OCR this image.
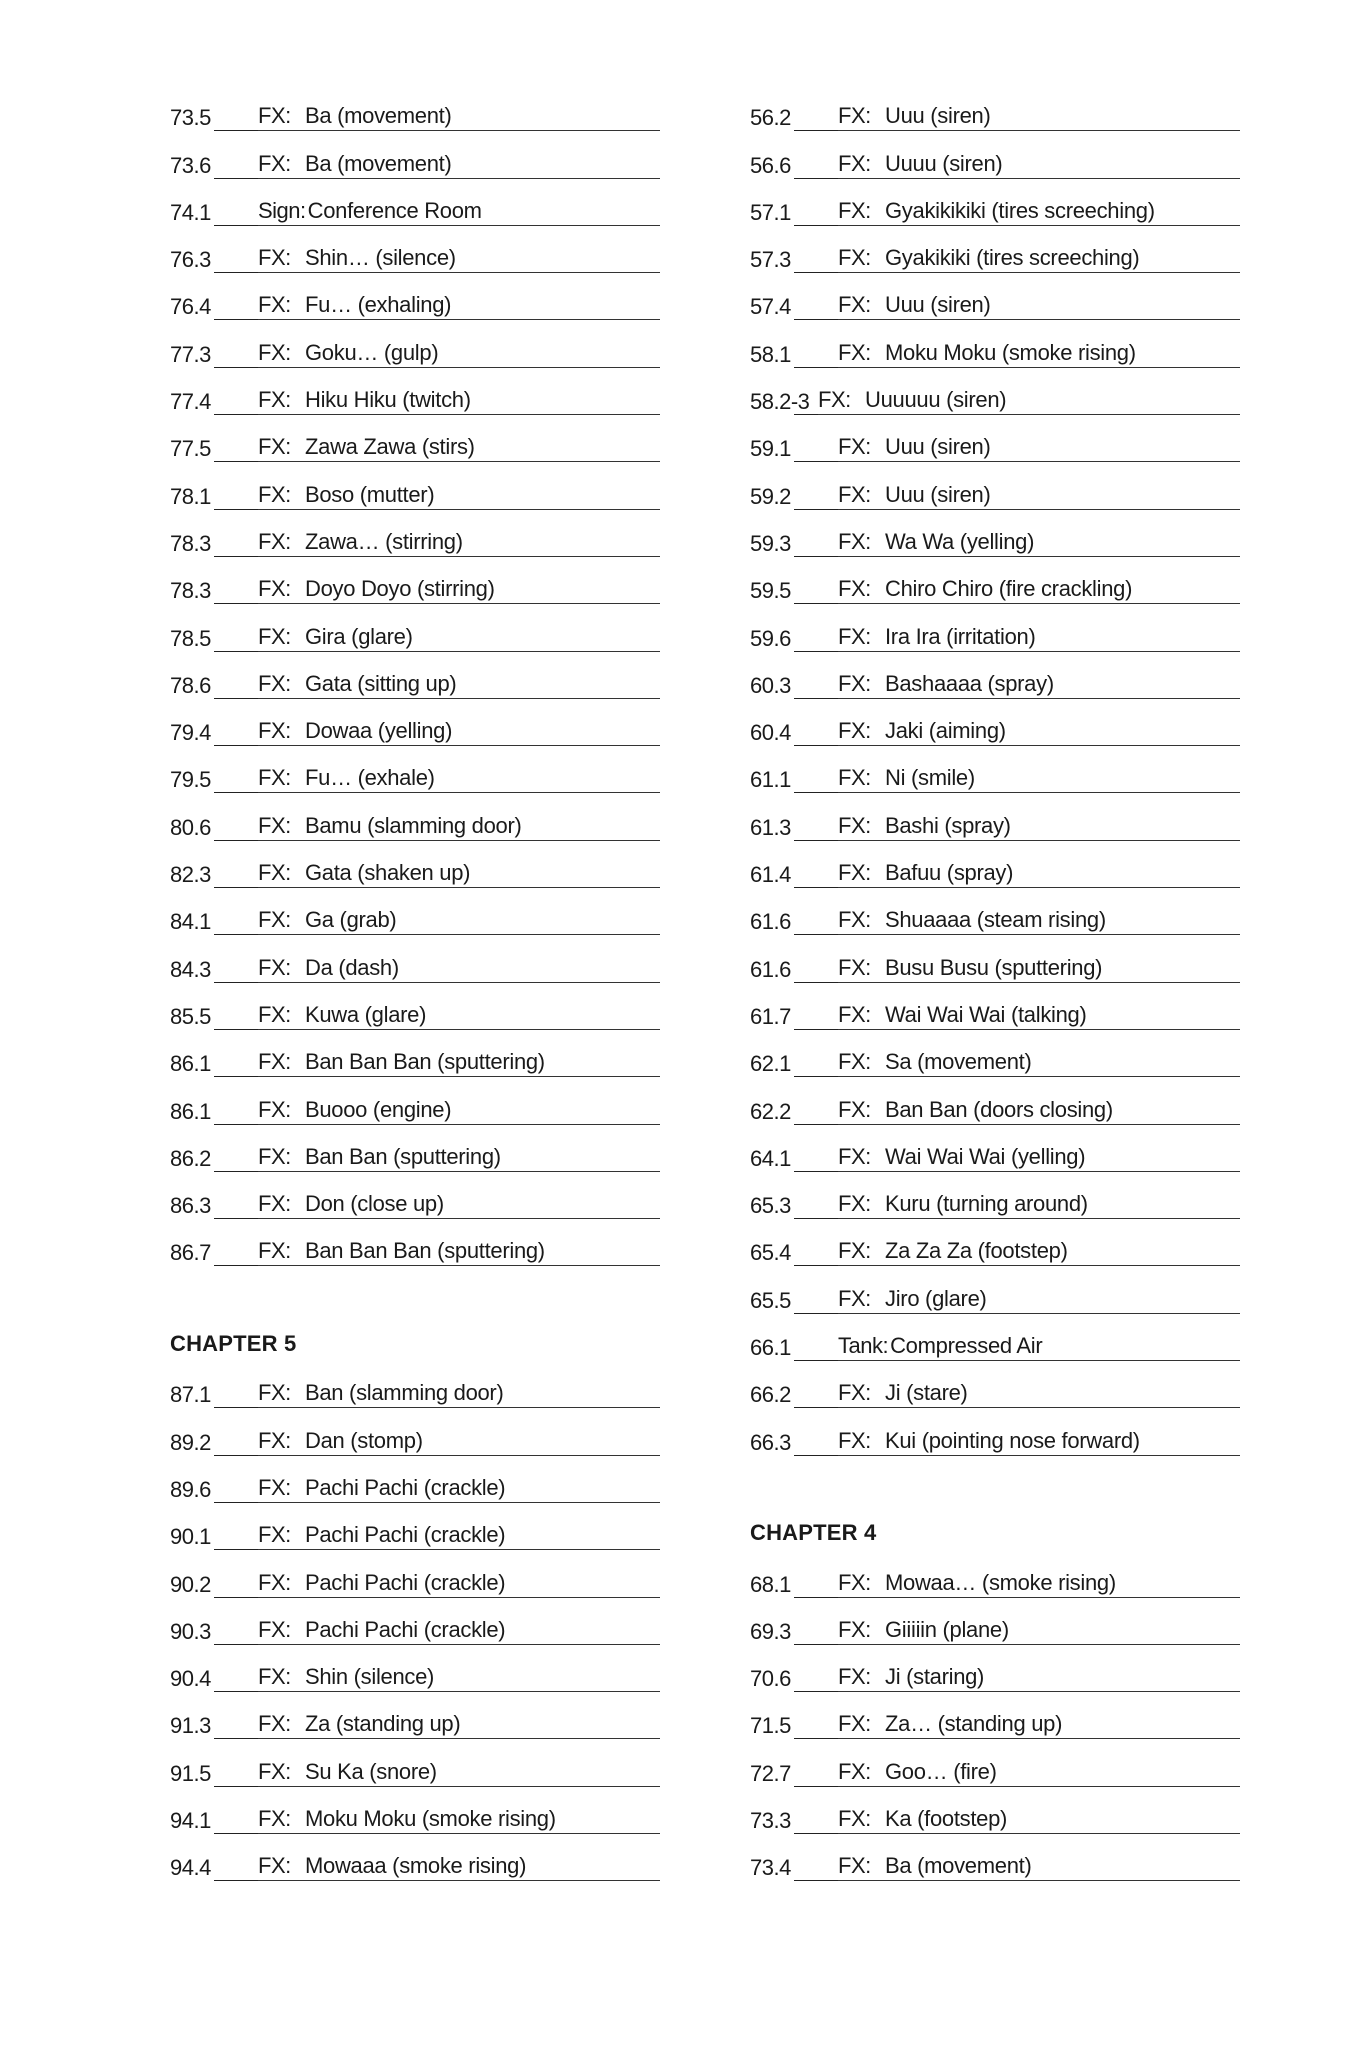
73.5 FX: Ba (movement)
73.6 FX: Ba (movement)
74.1 Sign: Conference Room
76.3 FX: Shin… (silence)
76.4 FX: Fu… (exhaling)
77.3 FX: Goku… (gulp)
77.4 FX: Hiku Hiku (twitch)
77.5 FX: Zawa Zawa (stirs)
78.1 FX: Boso (mutter)
78.3 FX: Zawa… (stirring)
78.3 FX: Doyo Doyo (stirring)
78.5 FX: Gira (glare)
78.6 FX: Gata (sitting up)
79.4 FX: Dowaa (yelling)
79.5 FX: Fu… (exhale)
80.6 FX: Bamu (slamming door)
82.3 FX: Gata (shaken up)
84.1 FX: Ga (grab)
84.3 FX: Da (dash)
85.5 FX: Kuwa (glare)
86.1 FX: Ban Ban Ban (sputtering)
86.1 FX: Buooo (engine)
86.2 FX: Ban Ban (sputtering)
86.3 FX: Don (close up)
86.7 FX: Ban Ban Ban (sputtering)
CHAPTER 5
87.1 FX: Ban (slamming door)
89.2 FX: Dan (stomp)
89.6 FX: Pachi Pachi (crackle)
90.1 FX: Pachi Pachi (crackle)
90.2 FX: Pachi Pachi (crackle)
90.3 FX: Pachi Pachi (crackle)
90.4 FX: Shin (silence)
91.3 FX: Za (standing up)
91.5 FX: Su Ka (snore)
94.1 FX: Moku Moku (smoke rising)
94.4 FX: Mowaaa (smoke rising)
56.2 FX: Uuu (siren)
56.6 FX: Uuuu (siren)
57.1 FX: Gyakikikiki (tires screeching)
57.3 FX: Gyakikiki (tires screeching)
57.4 FX: Uuu (siren)
58.1 FX: Moku Moku (smoke rising)
58.2-3 FX: Uuuuuu (siren)
59.1 FX: Uuu (siren)
59.2 FX: Uuu (siren)
59.3 FX: Wa Wa (yelling)
59.5 FX: Chiro Chiro (fire crackling)
59.6 FX: Ira Ira (irritation)
60.3 FX: Bashaaaa (spray)
60.4 FX: Jaki (aiming)
61.1 FX: Ni (smile)
61.3 FX: Bashi (spray)
61.4 FX: Bafuu (spray)
61.6 FX: Shuaaaa (steam rising)
61.6 FX: Busu Busu (sputtering)
61.7 FX: Wai Wai Wai (talking)
62.1 FX: Sa (movement)
62.2 FX: Ban Ban (doors closing)
64.1 FX: Wai Wai Wai (yelling)
65.3 FX: Kuru (turning around)
65.4 FX: Za Za Za (footstep)
65.5 FX: Jiro (glare)
66.1 Tank: Compressed Air
66.2 FX: Ji (stare)
66.3 FX: Kui (pointing nose forward)
CHAPTER 4
68.1 FX: Mowaa… (smoke rising)
69.3 FX: Giiiiin (plane)
70.6 FX: Ji (staring)
71.5 FX: Za… (standing up)
72.7 FX: Goo… (fire)
73.3 FX: Ka (footstep)
73.4 FX: Ba (movement)
